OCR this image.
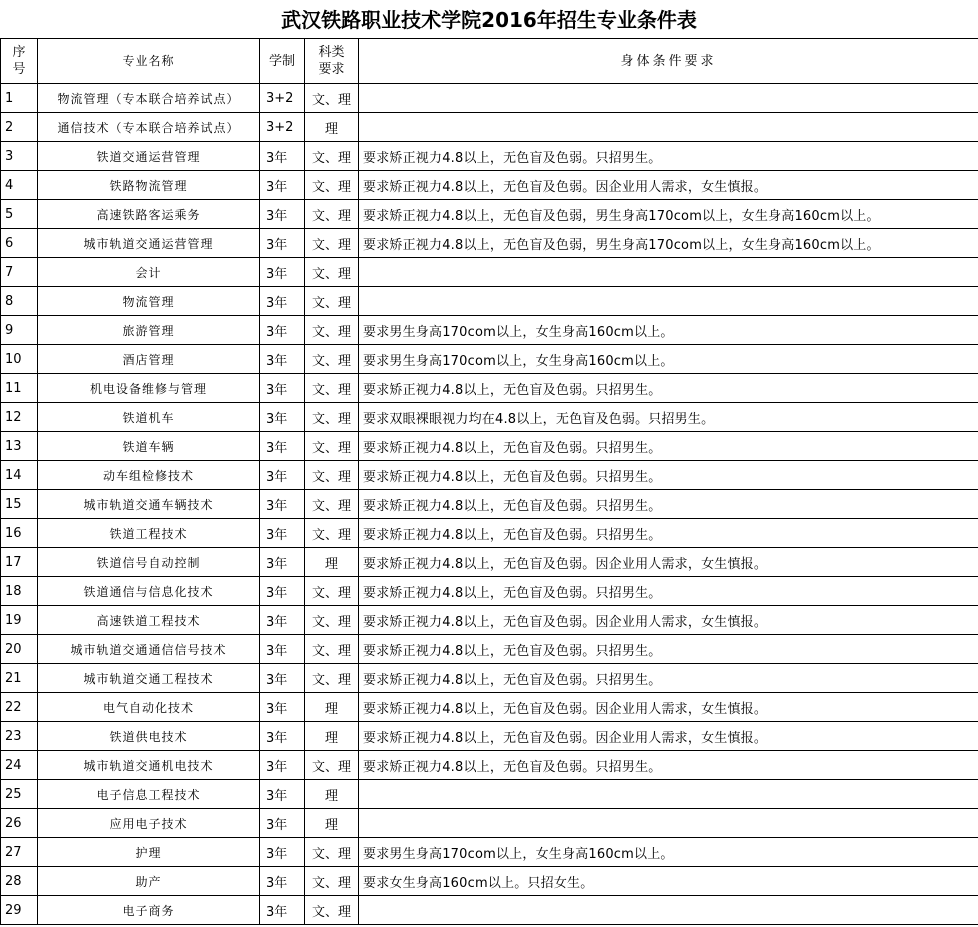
武汉铁路职业技术学院2016年招生专业条件表
序号	专业名称	学制	科类要求	身体条件要求
1	物流管理（专本联合培养试点）	3+2	文、理	
2	通信技术（专本联合培养试点）	3+2	理	
3	铁道交通运营管理	3年	文、理	要求矫正视力4.8以上，无色盲及色弱。只招男生。
4	铁路物流管理	3年	文、理	要求矫正视力4.8以上，无色盲及色弱。因企业用人需求，女生慎报。
5	高速铁路客运乘务	3年	文、理	要求矫正视力4.8以上，无色盲及色弱，男生身高170com以上，女生身高160cm以上。
6	城市轨道交通运营管理	3年	文、理	要求矫正视力4.8以上，无色盲及色弱，男生身高170com以上，女生身高160cm以上。
7	会计	3年	文、理	
8	物流管理	3年	文、理	
9	旅游管理	3年	文、理	要求男生身高170com以上，女生身高160cm以上。
10	酒店管理	3年	文、理	要求男生身高170com以上，女生身高160cm以上。
11	机电设备维修与管理	3年	文、理	要求矫正视力4.8以上，无色盲及色弱。只招男生。
12	铁道机车	3年	文、理	要求双眼裸眼视力均在4.8以上，无色盲及色弱。只招男生。
13	铁道车辆	3年	文、理	要求矫正视力4.8以上，无色盲及色弱。只招男生。
14	动车组检修技术	3年	文、理	要求矫正视力4.8以上，无色盲及色弱。只招男生。
15	城市轨道交通车辆技术	3年	文、理	要求矫正视力4.8以上，无色盲及色弱。只招男生。
16	铁道工程技术	3年	文、理	要求矫正视力4.8以上，无色盲及色弱。只招男生。
17	铁道信号自动控制	3年	理	要求矫正视力4.8以上，无色盲及色弱。因企业用人需求，女生慎报。
18	铁道通信与信息化技术	3年	文、理	要求矫正视力4.8以上，无色盲及色弱。只招男生。
19	高速铁道工程技术	3年	文、理	要求矫正视力4.8以上，无色盲及色弱。因企业用人需求，女生慎报。
20	城市轨道交通通信信号技术	3年	文、理	要求矫正视力4.8以上，无色盲及色弱。只招男生。
21	城市轨道交通工程技术	3年	文、理	要求矫正视力4.8以上，无色盲及色弱。只招男生。
22	电气自动化技术	3年	理	要求矫正视力4.8以上，无色盲及色弱。因企业用人需求，女生慎报。
23	铁道供电技术	3年	理	要求矫正视力4.8以上，无色盲及色弱。因企业用人需求，女生慎报。
24	城市轨道交通机电技术	3年	文、理	要求矫正视力4.8以上，无色盲及色弱。只招男生。
25	电子信息工程技术	3年	理	
26	应用电子技术	3年	理	
27	护理	3年	文、理	要求男生身高170com以上，女生身高160cm以上。
28	助产	3年	文、理	要求女生身高160cm以上。只招女生。
29	电子商务	3年	文、理	
